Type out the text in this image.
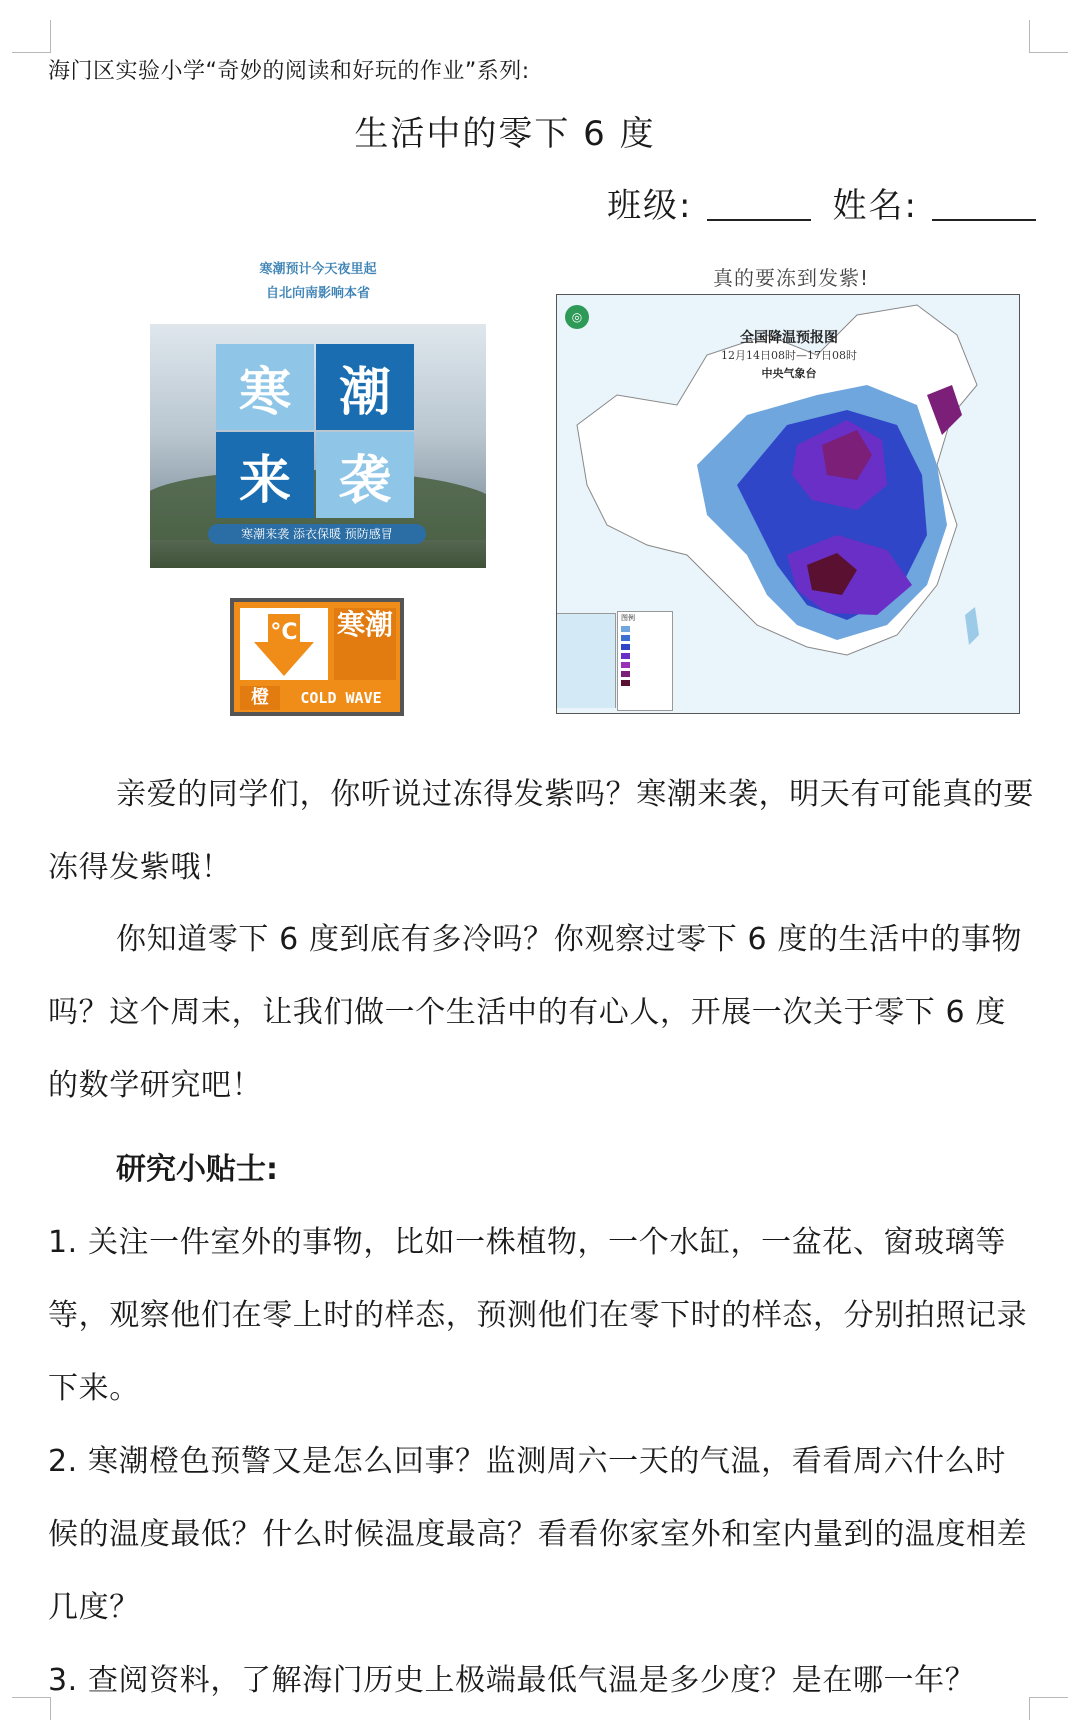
海门区实验小学“奇妙的阅读和好玩的作业”系列:
生活中的零下 6 度
班级:	姓名:
寒潮预计今天夜里起
自北向南影响本省
寒 潮
来 袭
寒潮来袭 添衣保暖 预防感冒
°C 寒潮
橙	COLD WAVE
真的要冻到发紫!
◎
全国降温预报图
12月14日08时—17日08时
中央气象台
图例
亲爱的同学们，你听说过冻得发紫吗？寒潮来袭，明天有可能真的要冻得发紫哦！
你知道零下 6 度到底有多冷吗？你观察过零下 6 度的生活中的事物吗？这个周末，让我们做一个生活中的有心人，开展一次关于零下 6 度的数学研究吧！
研究小贴士:
1. 关注一件室外的事物，比如一株植物，一个水缸，一盆花、窗玻璃等等，观察他们在零上时的样态，预测他们在零下时的样态，分别拍照记录下来。
2. 寒潮橙色预警又是怎么回事？监测周六一天的气温，看看周六什么时候的温度最低？什么时候温度最高？看看你家室外和室内量到的温度相差几度？
3. 查阅资料，了解海门历史上极端最低气温是多少度？是在哪一年？
